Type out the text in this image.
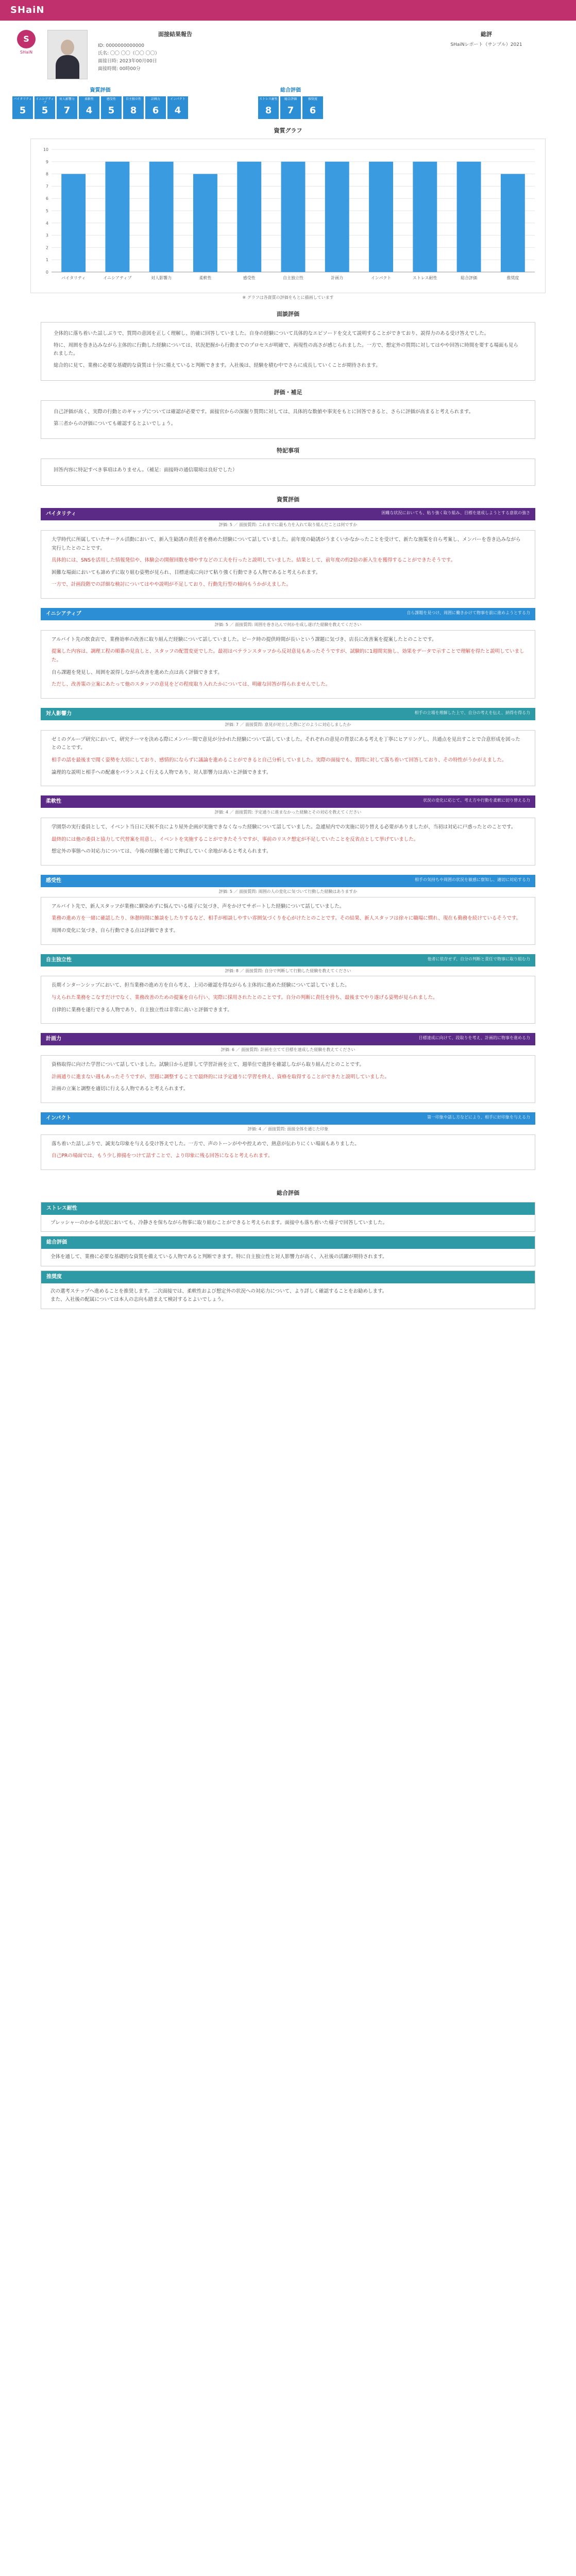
SHaiN
S
SHaiN
面接結果報告
ID: 0000000000000
氏名: 〇〇 〇〇（〇〇 〇〇）
面接日時: 2023年00月00日
面接時間: 00時00分
総評
SHaiNレポート（サンプル）2021
資質評価
バイタリティ
5
イニシアティブ
5
対人影響力
7
柔軟性
4
感受性
5
自主独立性
8
計画力
6
インパクト
4
総合評価
ストレス耐性
8
総合評価
7
推奨度
6
資質グラフ
0
1
2
3
4
5
6
7
8
9
10
バイタリティ	イニシアティブ	対人影響力	柔軟性	感受性	自主独立性	計画力	インパクト	ストレス耐性	総合評価	推奨度
※ グラフは各資質の評価をもとに描画しています
面談評価

全体的に落ち着いた話しぶりで、質問の意図を正しく理解し、的確に回答していました。自身の経験について具体的なエピソードを交えて説明することができており、説得力のある受け答えでした。

特に、周囲を巻き込みながら主体的に行動した経験については、状況把握から行動までのプロセスが明確で、再現性の高さが感じられました。一方で、想定外の質問に対してはやや回答に時間を要する場面も見られました。

総合的に見て、業務に必要な基礎的な資質は十分に備えていると判断できます。入社後は、経験を積む中でさらに成長していくことが期待されます。

評価・補足

自己評価が高く、実際の行動とのギャップについては確認が必要です。面接官からの深掘り質問に対しては、具体的な数値や事実をもとに回答できると、さらに評価が高まると考えられます。

第三者からの評価についても確認するとよいでしょう。

特記事項

回答内容に特記すべき事項はありません。（補足：面接時の通信環境は良好でした）

資質評価
バイタリティ	困難な状況においても、粘り強く取り組み、目標を達成しようとする意欲の強さ
評価: 5 ／ 面接質問: これまでに最も力を入れて取り組んだことは何ですか

大学時代に所属していたサークル活動において、新入生勧誘の責任者を務めた経験について話していました。前年度の勧誘がうまくいかなかったことを受けて、新たな施策を自ら考案し、メンバーを巻き込みながら実行したとのことです。

具体的には、SNSを活用した情報発信や、体験会の開催回数を増やすなどの工夫を行ったと説明していました。結果として、前年度の約2倍の新入生を獲得することができたそうです。

困難な場面においても諦めずに取り組む姿勢が見られ、目標達成に向けて粘り強く行動できる人物であると考えられます。

一方で、計画段階での詳細な検討についてはやや説明が不足しており、行動先行型の傾向もうかがえました。

イニシアティブ	自ら課題を見つけ、周囲に働きかけて物事を前に進めようとする力
評価: 5 ／ 面接質問: 周囲を巻き込んで何かを成し遂げた経験を教えてください

アルバイト先の飲食店で、業務効率の改善に取り組んだ経験について話していました。ピーク時の提供時間が長いという課題に気づき、店長に改善案を提案したとのことです。

提案した内容は、調理工程の順番の見直しと、スタッフの配置変更でした。最初はベテランスタッフから反対意見もあったそうですが、試験的に1週間実施し、効果をデータで示すことで理解を得たと説明していました。

自ら課題を発見し、周囲を説得しながら改善を進めた点は高く評価できます。

ただし、改善策の立案にあたって他のスタッフの意見をどの程度取り入れたかについては、明確な回答が得られませんでした。

対人影響力	相手の立場を理解した上で、自分の考えを伝え、納得を得る力
評価: 7 ／ 面接質問: 意見が対立した際にどのように対応しましたか

ゼミのグループ研究において、研究テーマを決める際にメンバー間で意見が分かれた経験について話していました。それぞれの意見の背景にある考えを丁寧にヒアリングし、共通点を見出すことで合意形成を図ったとのことです。

相手の話を最後まで聞く姿勢を大切にしており、感情的にならずに議論を進めることができると自己分析していました。実際の面接でも、質問に対して落ち着いて回答しており、その特性がうかがえました。

論理的な説明と相手への配慮をバランスよく行える人物であり、対人影響力は高いと評価できます。

柔軟性	状況の変化に応じて、考え方や行動を柔軟に切り替える力
評価: 4 ／ 面接質問: 予定通りに進まなかった経験とその対応を教えてください

学園祭の実行委員として、イベント当日に天候不良により屋外企画が実施できなくなった経験について話していました。急遽屋内での実施に切り替える必要がありましたが、当初は対応に戸惑ったとのことです。

最終的には他の委員と協力して代替案を用意し、イベントを実施することができたそうですが、事前のリスク想定が不足していたことを反省点として挙げていました。

想定外の事態への対応力については、今後の経験を通じて伸ばしていく余地があると考えられます。

感受性	相手の気持ちや周囲の状況を敏感に察知し、適切に対応する力
評価: 5 ／ 面接質問: 周囲の人の変化に気づいて行動した経験はありますか

アルバイト先で、新人スタッフが業務に馴染めずに悩んでいる様子に気づき、声をかけてサポートした経験について話していました。

業務の進め方を一緒に確認したり、休憩時間に雑談をしたりするなど、相手が相談しやすい雰囲気づくりを心がけたとのことです。その結果、新人スタッフは徐々に職場に慣れ、現在も勤務を続けているそうです。

周囲の変化に気づき、自ら行動できる点は評価できます。

自主独立性	他者に依存せず、自分の判断と責任で物事に取り組む力
評価: 8 ／ 面接質問: 自分で判断して行動した経験を教えてください

長期インターンシップにおいて、担当業務の進め方を自ら考え、上司の確認を得ながらも主体的に進めた経験について話していました。

与えられた業務をこなすだけでなく、業務改善のための提案を自ら行い、実際に採用されたとのことです。自分の判断に責任を持ち、最後までやり遂げる姿勢が見られました。

自律的に業務を遂行できる人物であり、自主独立性は非常に高いと評価できます。

計画力	目標達成に向けて、段取りを考え、計画的に物事を進める力
評価: 6 ／ 面接質問: 計画を立てて目標を達成した経験を教えてください

資格取得に向けた学習について話していました。試験日から逆算して学習計画を立て、週単位で進捗を確認しながら取り組んだとのことです。

計画通りに進まない週もあったそうですが、翌週に調整することで最終的には予定通りに学習を終え、資格を取得することができたと説明していました。

計画の立案と調整を適切に行える人物であると考えられます。

インパクト	第一印象や話し方などにより、相手に好印象を与える力
評価: 4 ／ 面接質問: 面接全体を通じた印象

落ち着いた話しぶりで、誠実な印象を与える受け答えでした。一方で、声のトーンがやや控えめで、熱意が伝わりにくい場面もありました。

自己PRの場面では、もう少し抑揚をつけて話すことで、より印象に残る回答になると考えられます。

総合評価
ストレス耐性

プレッシャーのかかる状況においても、冷静さを保ちながら物事に取り組むことができると考えられます。面接中も落ち着いた様子で回答していました。

総合評価

全体を通して、業務に必要な基礎的な資質を備えている人物であると判断できます。特に自主独立性と対人影響力が高く、入社後の活躍が期待されます。

推奨度

次の選考ステップへ進めることを推奨します。二次面接では、柔軟性および想定外の状況への対応力について、より詳しく確認することをお勧めします。

また、入社後の配属については本人の志向も踏まえて検討するとよいでしょう。
